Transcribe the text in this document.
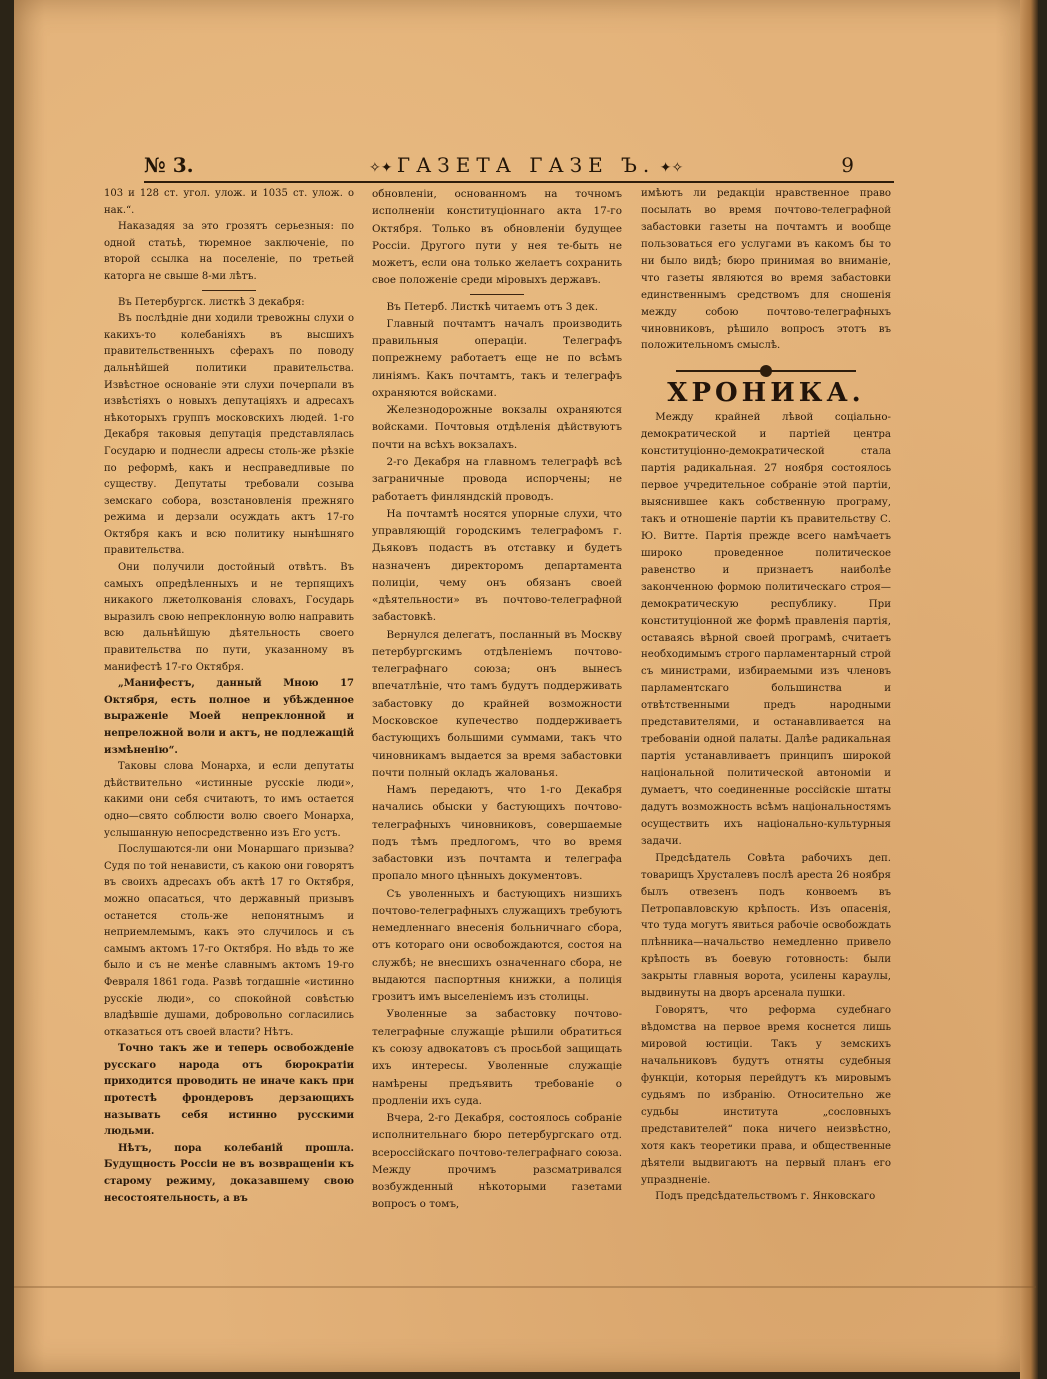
№ 3.	✧✦ ГАЗЕТА ГАЗЕ Ъ. ✦✧	9

103 и 128 ст. угол. улож. и 1035 ст. улож. о нак.“.

Наказадяя за это грозятъ серьезныя: по одной статьѣ, тюремное заключеніе, по второй ссылка на поселеніе, по третьей каторга не свыше 8-ми лѣтъ.

Въ Петербургск. листкѣ 3 декабря:

Въ послѣдніе дни ходили тревожны слухи о какихъ-то колебаніяхъ въ высшихъ правительственныхъ сферахъ по поводу дальнѣйшей политики правительства. Извѣстное основаніе эти слухи почерпали въ извѣстіяхъ о новыхъ депутаціяхъ и адресахъ нѣкоторыхъ группъ московскихъ людей. 1-го Декабря таковыя депутація представлялась Государю и поднесли адресы столь-же рѣзкіе по реформѣ, какъ и несправедливые по существу. Депутаты требовали созыва земскаго собора, возстановленія прежняго режима и дерзали осуждать актъ 17-го Октября какъ и всю политику нынѣшняго правительства.

Они получили достойный отвѣтъ. Въ самыхъ опредѣленныхъ и не терпящихъ никакого лжетолкованія словахъ, Государь выразилъ свою непреклонную волю направить всю дальнѣйшую дѣятельность своего правительства по пути, указанному въ манифестѣ 17-го Октября.

„Манифестъ, данный Мною 17 Октября, есть полное и убѣжденное выраженіе Моей непреклонной и непреложной воли и актъ, не подлежащій измѣненію“.

Таковы слова Монарха, и если депутаты дѣйствительно «истинные русскіе люди», какими они себя считаютъ, то имъ остается одно—свято соблюсти волю своего Монарха, услышанную непосредственно изъ Его устъ.

Послушаются-ли они Монаршаго призыва? Судя по той ненависти, съ какою они говорятъ въ своихъ адресахъ объ актѣ 17 го Октября, можно опасаться, что державный призывъ останется столь-же непонятнымъ и неприемлемымъ, какъ это случилось и съ самымъ актомъ 17-го Октября. Но вѣдь то же было и съ не менѣе славнымъ актомъ 19-го Февраля 1861 года. Развѣ тогдашніе «истинно русскіе люди», со спокойной совѣстью владѣвшіе душами, добровольно согласились отказаться отъ своей власти? Нѣтъ.

Точно такъ же и теперь освобожденіе русскаго народа отъ бюрократіи приходится проводить не иначе какъ при протестѣ фрондеровъ дерзающихъ называть себя истинно русскими людьми.

Нѣтъ, пора колебаній прошла. Будущность Россіи не въ возвращеніи къ старому режиму, доказавшему свою несостоятельность, а въ

обновленіи, основанномъ на точномъ исполненіи конституціоннаго акта 17-го Октября. Только въ обновленіи будущее Россіи. Другого пути у нея те-быть не можетъ, если она только желаетъ сохранить свое положеніе среди міровыхъ державъ.

Въ Петерб. Листкѣ читаемъ отъ 3 дек.

Главный почтамтъ началъ производить правильныя операціи. Телеграфъ попрежнему работаетъ еще не по всѣмъ линіямъ. Какъ почтамтъ, такъ и телеграфъ охраняются войсками.

Железнодорожные вокзалы охраняются войсками. Почтовыя отдѣленія дѣйствуютъ почти на всѣхъ вокзалахъ.

2-го Декабря на главномъ телеграфѣ всѣ заграничные провода испорчены; не работаетъ финляндскій проводъ.

На почтамтѣ носятся упорные слухи, что управляющій городскимъ телеграфомъ г. Дьяковъ подастъ въ отставку и будетъ назначенъ директоромъ департамента полиціи, чему онъ обязанъ своей «дѣятельности» въ почтово-телеграфной забастовкѣ.

Вернулся делегатъ, посланный въ Москву петербургскимъ отдѣленіемъ почтово-телеграфнаго союза; онъ вынесъ впечатлѣніе, что тамъ будутъ поддерживать забастовку до крайней возможности Московское купечество поддерживаетъ бастующихъ большими суммами, такъ что чиновникамъ выдается за время забастовки почти полный окладъ жалованья.

Намъ передаютъ, что 1-го Декабря начались обыски у бастующихъ почтово-телеграфныхъ чиновниковъ, совершаемые подъ тѣмъ предлогомъ, что во время забастовки изъ почтамта и телеграфа пропало много цѣнныхъ документовъ.

Съ уволенныхъ и бастующихъ низшихъ почтово-телеграфныхъ служащихъ требуютъ немедленнаго внесенія больничнаго сбора, отъ котораго они освобождаются, состоя на службѣ; не внесшихъ означеннаго сбора, не выдаются паспортныя книжки, а полиція грозитъ имъ выселеніемъ изъ столицы.

Уволенные за забастовку почтово-телеграфные служащіе рѣшили обратиться къ союзу адвокатовъ съ просьбой защищать ихъ интересы. Уволенные служащіе намѣрены предъявить требованіе о продленіи ихъ суда.

Вчера, 2-го Декабря, состоялось собраніе исполнительнаго бюро петербургскаго отд. всероссійскаго почтово-телеграфнаго союза. Между прочимъ разсматривался возбужденный нѣкоторыми газетами вопросъ о томъ,

имѣютъ ли редакціи нравственное право посылать во время почтово-телеграфной забастовки газеты на почтамтъ и вообще пользоваться его услугами въ какомъ бы то ни было видѣ; бюро принимая во вниманіе, что газеты являются во время забастовки единственнымъ средствомъ для сношенія между собою почтово-телеграфныхъ чиновниковъ, рѣшило вопросъ этотъ въ положительномъ смыслѣ.

ХРОНИКА.

Между крайней лѣвой соціально-демократической и партіей центра конституціонно-демократической стала партія радикальная. 27 ноября состоялось первое учредительное собраніе этой партіи, выяснившее какъ собственную програму, такъ и отношеніе партіи къ правительству С. Ю. Витте. Партія прежде всего намѣчаетъ широко проведенное политическое равенство и признаетъ наиболѣе законченною формою политическаго строя—демократическую республику. При конституціонной же формѣ правленія партія, оставаясь вѣрной своей програмѣ, считаетъ необходимымъ строго парламентарный строй съ министрами, избираемыми изъ членовъ парламентскаго большинства и отвѣтственными предъ народными представителями, и останавливается на требованіи одной палаты. Далѣе радикальная партія устанавливаетъ принципъ широкой національной политической автономіи и думаетъ, что соединенные россійскіе штаты дадутъ возможность всѣмъ національностямъ осуществить ихъ національно-культурныя задачи.

Предсѣдатель Совѣта рабочихъ деп. товарищъ Хрусталевъ послѣ ареста 26 ноября былъ отвезенъ подъ конвоемъ въ Петропавловскую крѣпость. Изъ опасенія, что туда могутъ явиться рабочіе освобождать плѣнника—начальство немедленно привело крѣпость въ боевую готовность: были закрыты главныя ворота, усилены караулы, выдвинуты на дворъ арсенала пушки.

Говорятъ, что реформа судебнаго вѣдомства на первое время коснется лишь мировой юстиціи. Такъ у земскихъ начальниковъ будутъ отняты судебныя функціи, которыя перейдутъ къ мировымъ судьямъ по избранію. Относительно же судьбы института „сословныхъ представителей“ пока ничего неизвѣстно, хотя какъ теоретики права, и общественные дѣятели выдвигаютъ на первый планъ его упраздненіе.

Подъ предсѣдательствомъ г. Янковскаго
